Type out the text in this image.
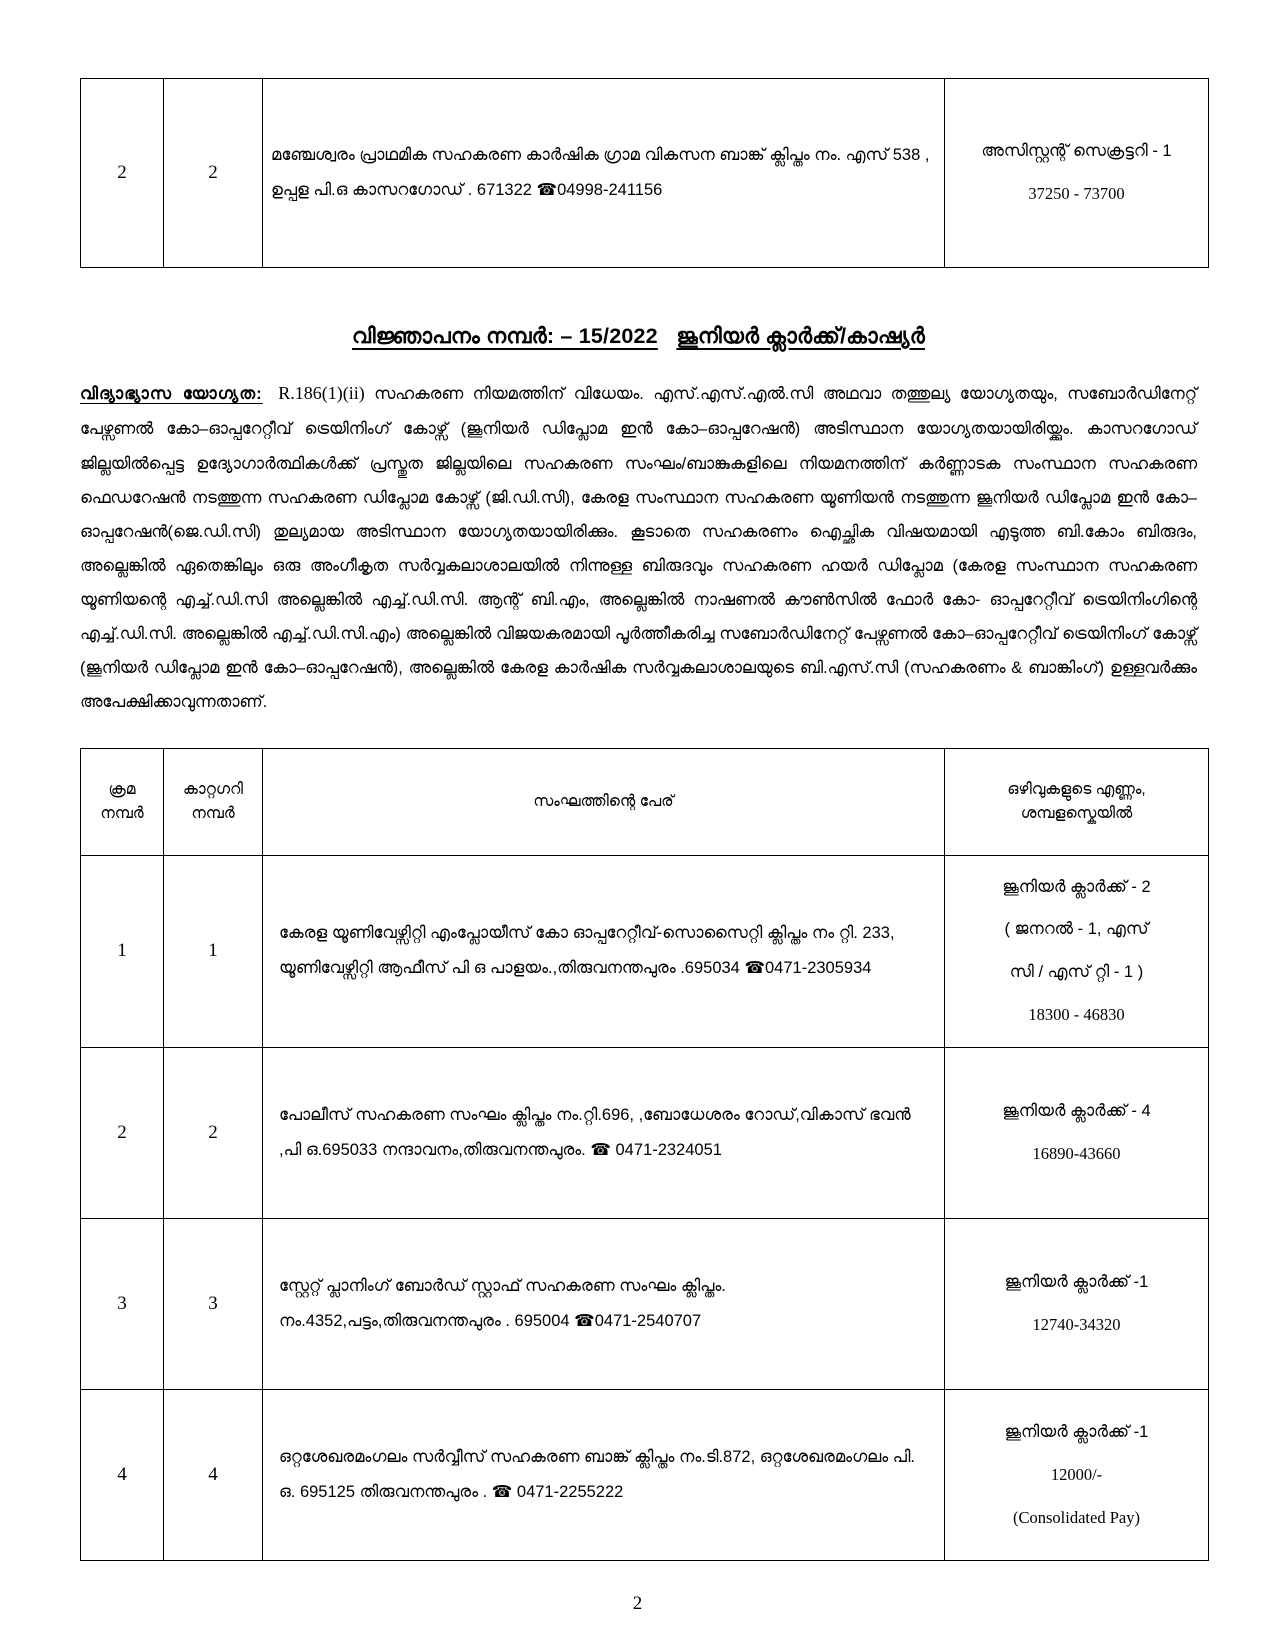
2	2	മഞ്ചേശ്വരം പ്രാഥമിക സഹകരണ കാർഷിക ഗ്രാമ വികസന ബാങ്ക് ക്ലിപ്തം നം. എസ് 538 , ഉപ്പള പി.ഒ കാസറഗോഡ് . 671322 ☎04998-241156	
അസിസ്റ്റന്റ് സെക്രട്ടറി - 1
37250 - 73700
വിജ്ഞാപനം നമ്പർ: – 15/2022 ജൂനിയർ ക്ലാർക്ക്/കാഷ്യർ
വിദ്യാഭ്യാസ യോഗ്യത: R.186(1)(ii) സഹകരണ നിയമത്തിന് വിധേയം. എസ്.എസ്.എൽ.സി അഥവാ തത്തുല്യ യോഗ്യതയും, സബോർഡിനേറ്റ് പേഴ്സണൽ കോ–ഓപ്പറേറ്റീവ് ട്രെയിനിംഗ് കോഴ്സ് (ജൂനിയർ ഡിപ്ലോമ ഇൻ കോ–ഓപ്പറേഷൻ) അടിസ്ഥാന യോഗ്യതയായിരിയ്ക്കും. കാസറഗോഡ് ജില്ലയിൽപ്പെട്ട ഉദ്യോഗാർത്ഥികൾക്ക് പ്രസ്തുത ജില്ലയിലെ സഹകരണ സംഘം/ബാങ്കുകളിലെ നിയമനത്തിന് കർണ്ണാടക സംസ്ഥാന സഹകരണ ഫെഡറേഷൻ നടത്തുന്ന സഹകരണ ഡിപ്ലോമ കോഴ്സ് (ജി.ഡി.സി), കേരള സംസ്ഥാന സഹകരണ യൂണിയൻ നടത്തുന്ന ജൂനിയർ ഡിപ്ലോമ ഇൻ കോ–ഓപ്പറേഷൻ(ജെ.ഡി.സി) തുല്യമായ അടിസ്ഥാന യോഗ്യതയായിരിക്കും. കൂടാതെ സഹകരണം ഐച്ഛിക വിഷയമായി എടുത്ത ബി.കോം ബിരുദം, അല്ലെങ്കിൽ ഏതെങ്കിലും ഒരു അംഗീകൃത സർവ്വകലാശാലയിൽ നിന്നുള്ള ബിരുദവും സഹകരണ ഹയർ ഡിപ്ലോമ (കേരള സംസ്ഥാന സഹകരണ യൂണിയന്റെ എച്ച്.ഡി.സി അല്ലെങ്കിൽ എച്ച്.ഡി.സി. ആന്റ് ബി.എം, അല്ലെങ്കിൽ നാഷണൽ കൗൺസിൽ ഫോർ കോ- ഓപ്പറേറ്റീവ് ട്രെയിനിംഗിന്റെ എച്ച്.ഡി.സി. അല്ലെങ്കിൽ എച്ച്.ഡി.സി.എം) അല്ലെങ്കിൽ വിജയകരമായി പൂർത്തീകരിച്ച സബോർഡിനേറ്റ് പേഴ്സണൽ കോ–ഓപ്പറേറ്റീവ് ട്രെയിനിംഗ് കോഴ്സ് (ജൂനിയർ ഡിപ്ലോമ ഇൻ കോ–ഓപ്പറേഷൻ), അല്ലെങ്കിൽ കേരള കാർഷിക സർവ്വകലാശാലയുടെ ബി.എസ്.സി (സഹകരണം & ബാങ്കിംഗ്) ഉള്ളവർക്കും അപേക്ഷിക്കാവുന്നതാണ്.
ക്രമ നമ്പർ	കാറ്റഗറി നമ്പർ	സംഘത്തിന്റെ പേര്	ഒഴിവുകളുടെ എണ്ണം, ശമ്പളസ്കെയിൽ
1	1	കേരള യൂണിവേഴ്സിറ്റി എംപ്ലോയീസ് കോ ഓപ്പറേറ്റീവ്-സൊസൈറ്റി ക്ലിപ്തം നം റ്റി. 233, യൂണിവേഴ്സിറ്റി ആഫീസ് പി ഒ പാളയം.,തിരുവനന്തപുരം .695034 ☎0471-2305934	ജൂനിയർ ക്ലാർക്ക് - 2
( ജനറൽ - 1, എസ്
സി / എസ് റ്റി - 1 )
18300 - 46830

2	2	പോലീസ് സഹകരണ സംഘം ക്ലിപ്തം നം.റ്റി.696, ,ബോധേശരം റോഡ്,വികാസ് ഭവൻ ,പി ഒ.695033 നന്ദാവനം,തിരുവനന്തപുരം. ☎ 0471-2324051	ജൂനിയർ ക്ലാർക്ക് - 4
16890-43660

3	3	സ്റ്റേറ്റ് പ്ലാനിംഗ് ബോർഡ് സ്റ്റാഫ് സഹകരണ സംഘം ക്ലിപ്തം. നം.4352,പട്ടം,തിരുവനന്തപുരം . 695004 ☎0471-2540707	ജൂനിയർ ക്ലാർക്ക് -1
12740-34320

4	4	ഒറ്റശേഖരമംഗലം സർവ്വീസ് സഹകരണ ബാങ്ക് ക്ലിപ്തം നം.ടി.872, ഒറ്റശേഖരമംഗലം പി. ഒ. 695125 തിരുവനന്തപുരം . ☎ 0471-2255222	ജൂനിയർ ക്ലാർക്ക് -1
12000/-
(Consolidated Pay)
2
